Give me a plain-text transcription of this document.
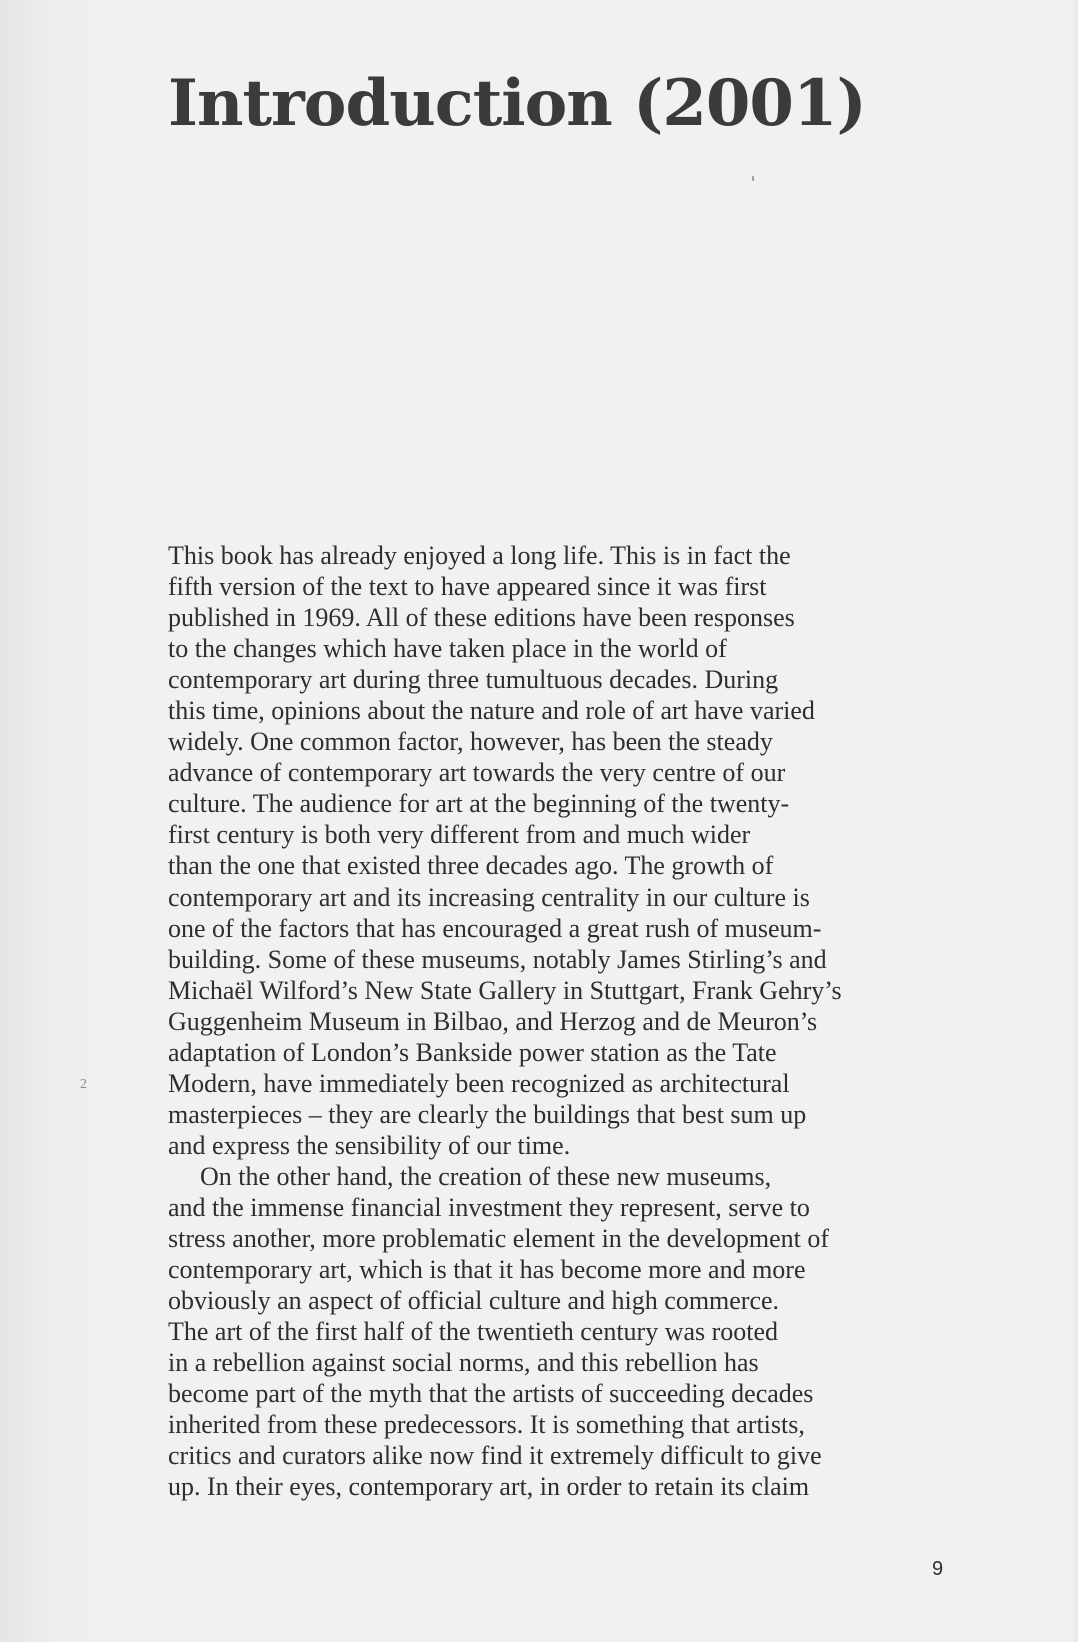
Introduction (2001)
This book has already enjoyed a long life. This is in fact the
fifth version of the text to have appeared since it was first
published in 1969. All of these editions have been responses
to the changes which have taken place in the world of
contemporary art during three tumultuous decades. During
this time, opinions about the nature and role of art have varied
widely. One common factor, however, has been the steady
advance of contemporary art towards the very centre of our
culture. The audience for art at the beginning of the twenty-
first century is both very different from and much wider
than the one that existed three decades ago. The growth of
contemporary art and its increasing centrality in our culture is
one of the factors that has encouraged a great rush of museum-
building. Some of these museums, notably James Stirling’s and
Michaël Wilford’s New State Gallery in Stuttgart, Frank Gehry’s
Guggenheim Museum in Bilbao, and Herzog and de Meuron’s
adaptation of London’s Bankside power station as the Tate
Modern, have immediately been recognized as architectural
masterpieces – they are clearly the buildings that best sum up
and express the sensibility of our time.
On the other hand, the creation of these new museums,
and the immense financial investment they represent, serve to
stress another, more problematic element in the development of
contemporary art, which is that it has become more and more
obviously an aspect of official culture and high commerce.
The art of the first half of the twentieth century was rooted
in a rebellion against social norms, and this rebellion has
become part of the myth that the artists of succeeding decades
inherited from these predecessors. It is something that artists,
critics and curators alike now find it extremely difficult to give
up. In their eyes, contemporary art, in order to retain its claim
2
9
